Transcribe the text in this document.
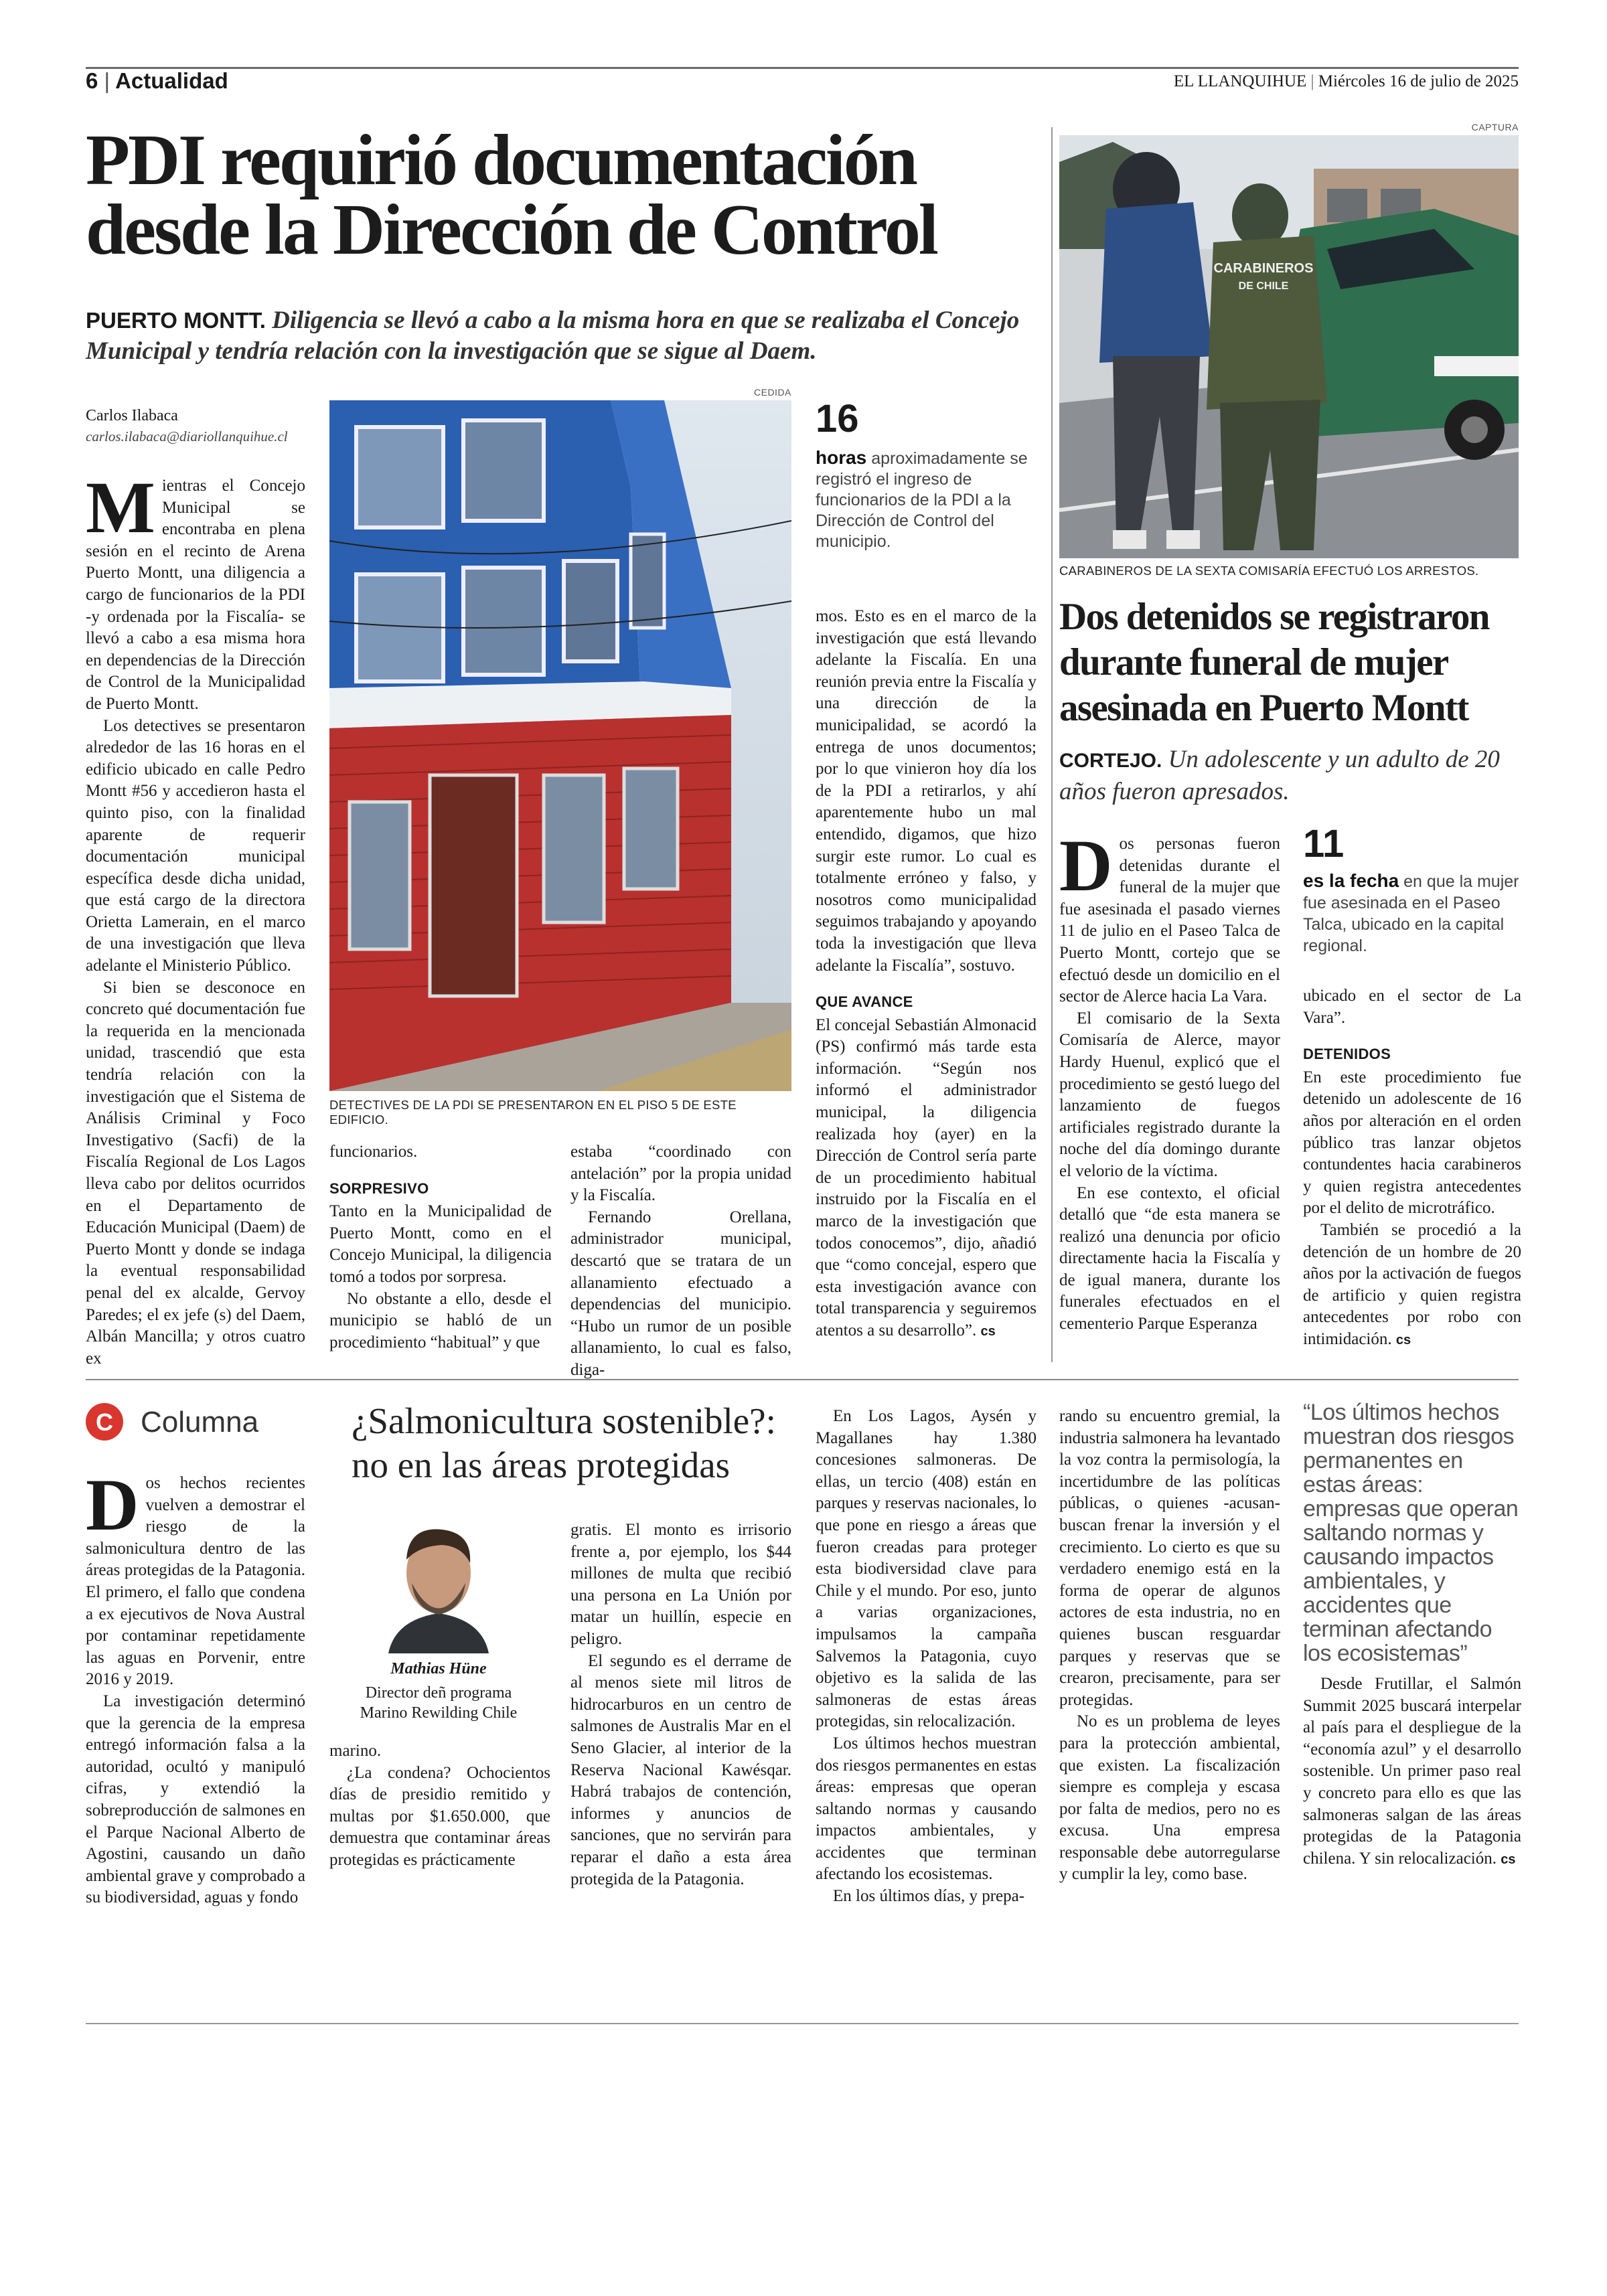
6 | Actualidad	EL LLANQUIHUE | Miércoles 16 de julio de 2025
PDI requirió documentación
desde la Dirección de Control
PUERTO MONTT. Diligencia se llevó a cabo a la misma hora en que se realizaba el Concejo Municipal y tendría relación con la investigación que se sigue al Daem.
Carlos Ilabaca
carlos.ilabaca@diariollanquihue.cl
CEDIDA
DETECTIVES DE LA PDI SE PRESENTARON EN EL PISO 5 DE ESTE EDIFICIO.
16
horas aproximadamente se registró el ingreso de funcionarios de la PDI a la Dirección de Control del municipio.

Mientras el Concejo Municipal se encontraba en plena sesión en el recinto de Arena Puerto Montt, una diligencia a cargo de funcionarios de la PDI -y ordenada por la Fiscalía- se llevó a cabo a esa misma hora en dependencias de la Dirección de Control de la Municipalidad de Puerto Montt.

Los detectives se presentaron alrededor de las 16 horas en el edificio ubicado en calle Pedro Montt #56 y accedieron hasta el quinto piso, con la finalidad aparente de requerir documentación municipal específica desde dicha unidad, que está cargo de la directora Orietta Lamerain, en el marco de una investigación que lleva adelante el Ministerio Público.

Si bien se desconoce en concreto qué documentación fue la requerida en la mencionada unidad, trascendió que esta tendría relación con la investigación que el Sistema de Análisis Criminal y Foco Investigativo (Sacfi) de la Fiscalía Regional de Los Lagos lleva cabo por delitos ocurridos en el Departamento de Educación Municipal (Daem) de Puerto Montt y donde se indaga la eventual responsabilidad penal del ex alcalde, Gervoy Paredes; el ex jefe (s) del Daem, Albán Mancilla; y otros cuatro ex

funcionarios.

SORPRESIVO

Tanto en la Municipalidad de Puerto Montt, como en el Concejo Municipal, la diligencia tomó a todos por sorpresa.

No obstante a ello, desde el municipio se habló de un procedimiento “habitual” y que

estaba “coordinado con antelación” por la propia unidad y la Fiscalía.

Fernando Orellana, administrador municipal, descartó que se tratara de un allanamiento efectuado a dependencias del municipio. “Hubo un rumor de un posible allanamiento, lo cual es falso, diga-

mos. Esto es en el marco de la investigación que está llevando adelante la Fiscalía. En una reunión previa entre la Fiscalía y una dirección de la municipalidad, se acordó la entrega de unos documentos; por lo que vinieron hoy día los de la PDI a retirarlos, y ahí aparentemente hubo un mal entendido, digamos, que hizo surgir este rumor. Lo cual es totalmente erróneo y falso, y nosotros como municipalidad seguimos trabajando y apoyando toda la investigación que lleva adelante la Fiscalía”, sostuvo.

QUE AVANCE

El concejal Sebastián Almonacid (PS) confirmó más tarde esta información. “Según nos informó el administrador municipal, la diligencia realizada hoy (ayer) en la Dirección de Control sería parte de un procedimiento habitual instruido por la Fiscalía en el marco de la investigación que todos conocemos”, dijo, añadió que “como concejal, espero que esta investigación avance con total transparencia y seguiremos atentos a su desarrollo”. cs

CAPTURA
CARABINEROS
DE CHILE
CARABINEROS DE LA SEXTA COMISARÍA EFECTUÓ LOS ARRESTOS.
Dos detenidos se registraron
durante funeral de mujer
asesinada en Puerto Montt
CORTEJO. Un adolescente y un adulto de 20 años fueron apresados.

Dos personas fueron detenidas durante el funeral de la mujer que fue asesinada el pasado viernes 11 de julio en el Paseo Talca de Puerto Montt, cortejo que se efectuó desde un domicilio en el sector de Alerce hacia La Vara.

El comisario de la Sexta Comisaría de Alerce, mayor Hardy Huenul, explicó que el procedimiento se gestó luego del lanzamiento de fuegos artificiales registrado durante la noche del día domingo durante el velorio de la víctima.

En ese contexto, el oficial detalló que “de esta manera se realizó una denuncia por oficio directamente hacia la Fiscalía y de igual manera, durante los funerales efectuados en el cementerio Parque Esperanza

11
es la fecha en que la mujer fue asesinada en el Paseo Talca, ubicado en la capital regional.

ubicado en el sector de La Vara”.

DETENIDOS

En este procedimiento fue detenido un adolescente de 16 años por alteración en el orden público tras lanzar objetos contundentes hacia carabineros y quien registra antecedentes por el delito de microtráfico.

También se procedió a la detención de un hombre de 20 años por la activación de fuegos de artificio y quien registra antecedentes por robo con intimidación. cs

C Columna	¿Salmonicultura sostenible?:
no en las áreas protegidas
Mathias Hüne
Director deñ programa
Marino Rewilding Chile

Dos hechos recientes vuelven a demostrar el riesgo de la salmonicultura dentro de las áreas protegidas de la Patagonia. El primero, el fallo que condena a ex ejecutivos de Nova Austral por contaminar repetidamente las aguas en Porvenir, entre 2016 y 2019.

La investigación determinó que la gerencia de la empresa entregó información falsa a la autoridad, ocultó y manipuló cifras, y extendió la sobreproducción de salmones en el Parque Nacional Alberto de Agostini, causando un daño ambiental grave y comprobado a su biodiversidad, aguas y fondo

marino.

¿La condena? Ochocientos días de presidio remitido y multas por $1.650.000, que demuestra que contaminar áreas protegidas es prácticamente

gratis. El monto es irrisorio frente a, por ejemplo, los $44 millones de multa que recibió una persona en La Unión por matar un huillín, especie en peligro.

El segundo es el derrame de al menos siete mil litros de hidrocarburos en un centro de salmones de Australis Mar en el Seno Glacier, al interior de la Reserva Nacional Kawésqar. Habrá trabajos de contención, informes y anuncios de sanciones, que no servirán para reparar el daño a esta área protegida de la Patagonia.

En Los Lagos, Aysén y Magallanes hay 1.380 concesiones salmoneras. De ellas, un tercio (408) están en parques y reservas nacionales, lo que pone en riesgo a áreas que fueron creadas para proteger esta biodiversidad clave para Chile y el mundo. Por eso, junto a varias organizaciones, impulsamos la campaña Salvemos la Patagonia, cuyo objetivo es la salida de las salmoneras de estas áreas protegidas, sin relocalización.

Los últimos hechos muestran dos riesgos permanentes en estas áreas: empresas que operan saltando normas y causando impactos ambientales, y accidentes que terminan afectando los ecosistemas.

En los últimos días, y prepa-

rando su encuentro gremial, la industria salmonera ha levantado la voz contra la permisología, la incertidumbre de las políticas públicas, o quienes -acusan- buscan frenar la inversión y el crecimiento. Lo cierto es que su verdadero enemigo está en la forma de operar de algunos actores de esta industria, no en quienes buscan resguardar parques y reservas que se crearon, precisamente, para ser protegidas.

No es un problema de leyes para la protección ambiental, que existen. La fiscalización siempre es compleja y escasa por falta de medios, pero no es excusa. Una empresa responsable debe autorregularse y cumplir la ley, como base.

“Los últimos hechos muestran dos riesgos permanentes en estas áreas: empresas que operan saltando normas y causando impactos ambientales, y accidentes que terminan afectando los ecosistemas”

Desde Frutillar, el Salmón Summit 2025 buscará interpelar al país para el despliegue de la “economía azul” y el desarrollo sostenible. Un primer paso real y concreto para ello es que las salmoneras salgan de las áreas protegidas de la Patagonia chilena. Y sin relocalización. cs
